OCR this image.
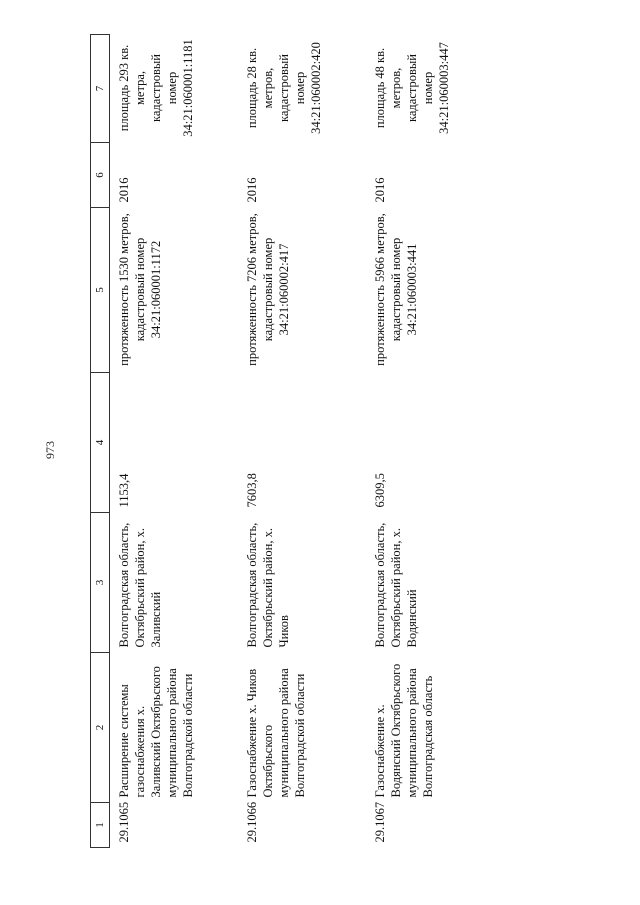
973
1	2	3	4	5	6	7
29.1065	Расширение системы газоснабжения х. Заливский Октябрьского муниципального района Волгоградской области	Волгоградская область, Октябрьский район, х. Заливский	1153,4	протяженность 1530 метров, кадастровый номер 34:21:060001:1172	2016	площадь 293 кв. метра, кадастровый номер 34:21:060001:1181
29.1066	Газоснабжение х. Чиков Октябрьского муниципального района Волгоградской области	Волгоградская область, Октябрьский район, х. Чиков	7603,8	протяженность 7206 метров, кадастровый номер 34:21:060002:417	2016	площадь 28 кв. метров, кадастровый номер 34:21:060002:420
29.1067	Газоснабжение х. Водянский Октябрьского муниципального района Волгоградская область	Волгоградская область, Октябрьский район, х. Водянский	6309,5	протяженность 5966 метров, кадастровый номер 34:21:060003:441	2016	площадь 48 кв. метров, кадастровый номер 34:21:060003:447
